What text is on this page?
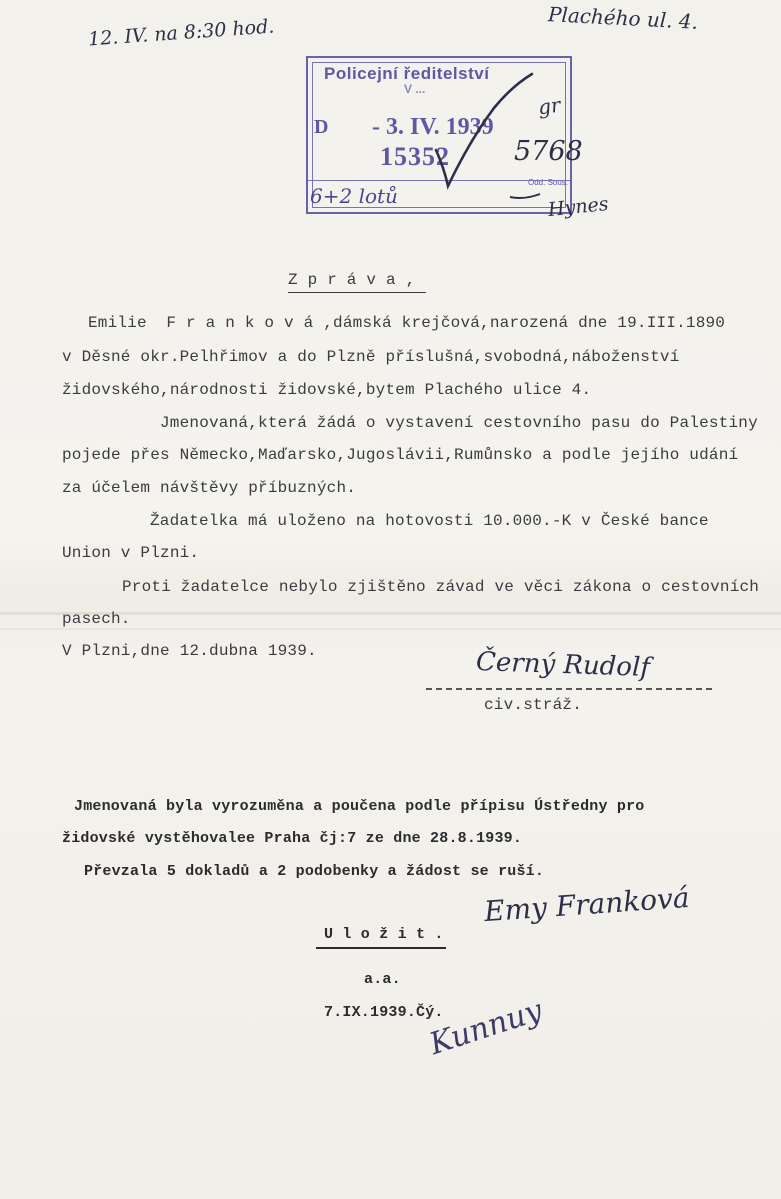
12. IV. na 8:30 hod.	Plachého ul. 4.
Policejní ředitelství
V ...
D - 3. IV. 1939
15352
Odd. Sous.
gr
5768
6+2 lotů	Hynes
Z p r á v a ,
Emilie  F r a n k o v á ,dámská krejčová,narozená dne 19.III.1890
v Děsné okr.Pelhřimov a do Plzně příslušná,svobodná,náboženství
židovského,národnosti židovské,bytem Plachého ulice 4.
Jmenovaná,která žádá o vystavení cestovního pasu do Palestiny
pojede přes Německo,Maďarsko,Jugoslávii,Rumůnsko a podle jejího udání
za účelem návštěvy příbuzných.
Žadatelka má uloženo na hotovosti 10.000.-K v České bance
Union v Plzni.
Proti žadatelce nebylo zjištěno závad ve věci zákona o cestovních
pasech.
V Plzni,dne 12.dubna 1939.	Černý Rudolf
civ.stráž.
Jmenovaná byla vyrozuměna a poučena podle přípisu Ústředny pro
židovské vystěhovalee Praha čj:7 ze dne 28.8.1939.
Převzala 5 dokladů a 2 podobenky a žádost se ruší.
Emy Franková
U l o ž i t .
a.a.
7.IX.1939.Čý.
Kunnuy
